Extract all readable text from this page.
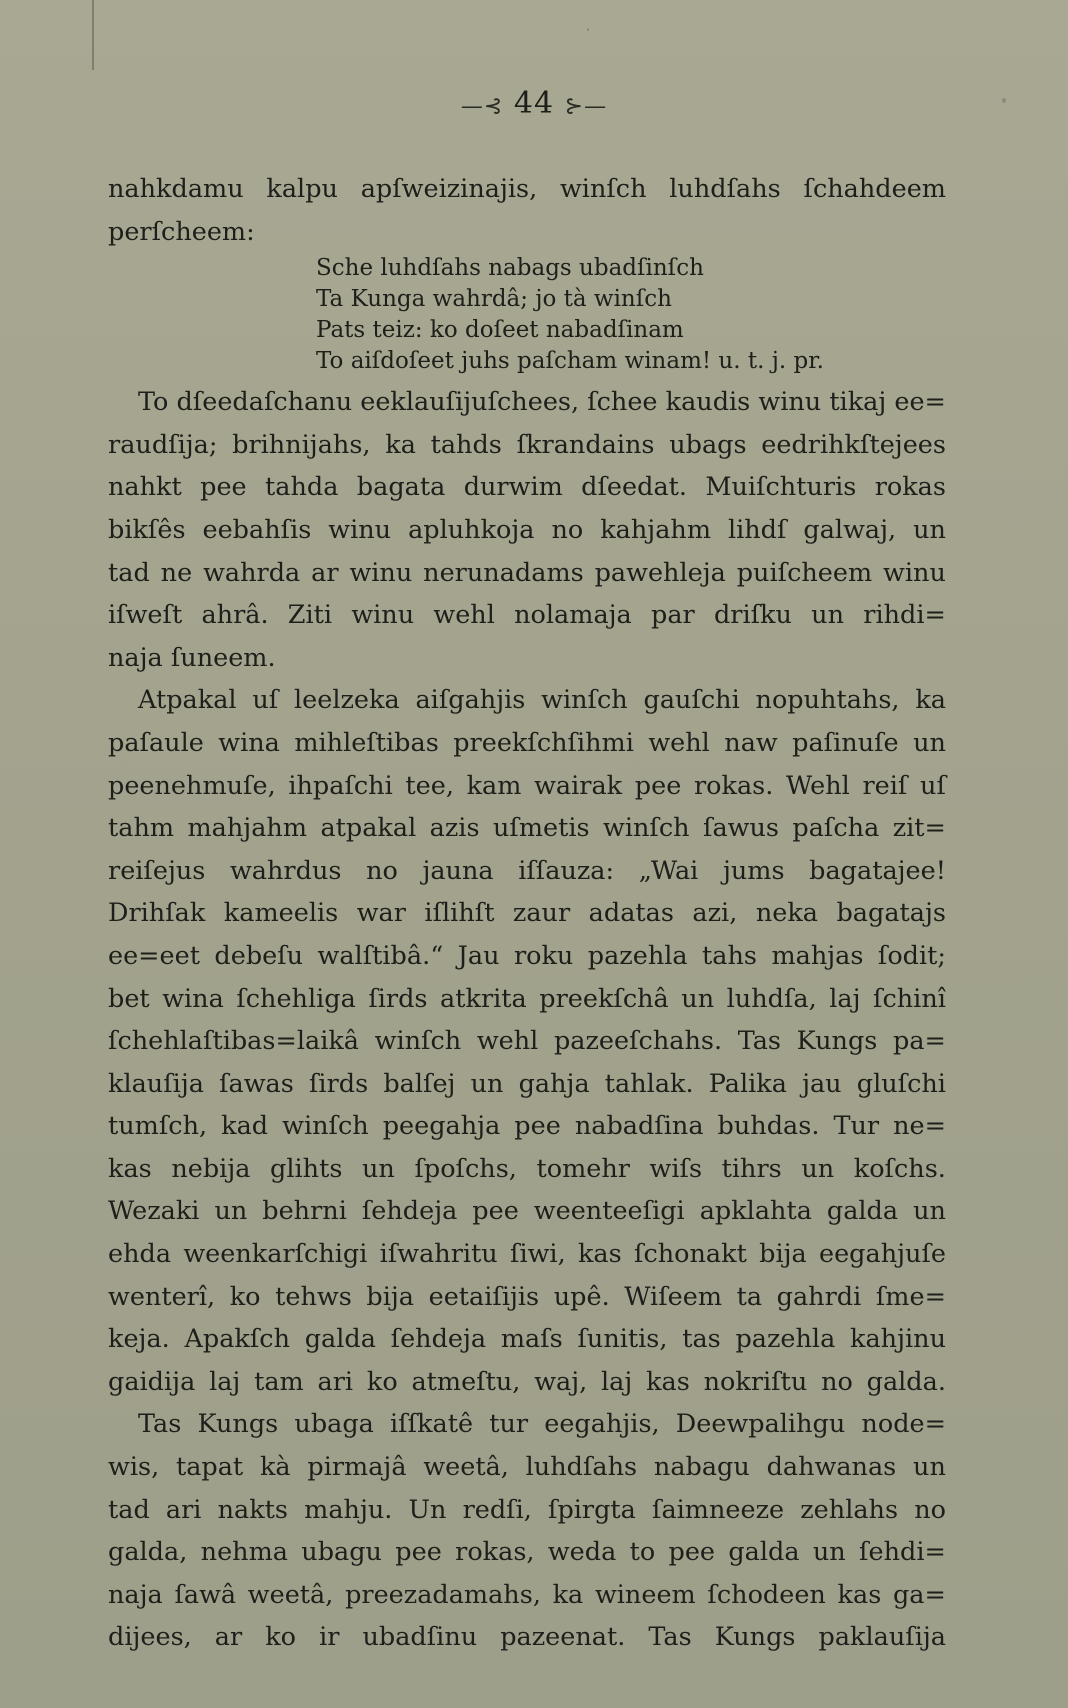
—⊰ 44 ⊱—
nahkdamu kalpu apſweizinajis, winſch luhdſahs ſchahdeem
perſcheem:
Sche luhdſahs nabags ubadſinſch
Ta Kunga wahrdâ; jo tà winſch
Pats teiz: ko doſeet nabadſinam
To aiſdoſeet juhs paſcham winam! u. t. j. pr.
To dſeedaſchanu eeklauſijuſchees, ſchee kaudis winu tikaj ee=
raudſija; brihnijahs, ka tahds ſkrandains ubags eedrihkſtejees
nahkt pee tahda bagata durwim dſeedat. Muiſchturis rokas
bikſês eebahſis winu apluhkoja no kahjahm lihdſ galwaj, un
tad ne wahrda ar winu nerunadams pawehleja puiſcheem winu
iſweſt ahrâ. Ziti winu wehl nolamaja par driſku un rihdi=
naja ſuneem.
Atpakal uſ leelzeka aiſgahjis winſch gauſchi nopuhtahs, ka
paſaule wina mihleſtibas preekſchſihmi wehl naw paſinuſe un
peenehmuſe, ihpaſchi tee, kam wairak pee rokas. Wehl reiſ uſ
tahm mahjahm atpakal azis uſmetis winſch ſawus paſcha zit=
reiſejus wahrdus no jauna iſſauza: „Wai jums bagatajee!
Drihſak kameelis war iſlihſt zaur adatas azi, neka bagatajs
ee=eet debeſu walſtibâ.“ Jau roku pazehla tahs mahjas ſodit;
bet wina ſchehliga ſirds atkrita preekſchâ un luhdſa, laj ſchinî
ſchehlaſtibas=laikâ winſch wehl pazeeſchahs. Tas Kungs pa=
klauſija ſawas ſirds balſej un gahja tahlak. Palika jau gluſchi
tumſch, kad winſch peegahja pee nabadſina buhdas. Tur ne=
kas nebija glihts un ſpoſchs, tomehr wiſs tihrs un koſchs.
Wezaki un behrni ſehdeja pee weenteeſigi apklahta galda un
ehda weenkarſchigi iſwahritu ſiwi, kas ſchonakt bija eegahjuſe
wenterî, ko tehws bija eetaiſijis upê. Wiſeem ta gahrdi ſme=
keja. Apakſch galda ſehdeja maſs ſunitis, tas pazehla kahjinu
gaidija laj tam ari ko atmeſtu, waj, laj kas nokriſtu no galda.
Tas Kungs ubaga iſſkatê tur eegahjis, Deewpalihgu node=
wis, tapat kà pirmajâ weetâ, luhdſahs nabagu dahwanas un
tad ari nakts mahju. Un redſi, ſpirgta ſaimneeze zehlahs no
galda, nehma ubagu pee rokas, weda to pee galda un ſehdi=
naja ſawâ weetâ, preezadamahs, ka wineem ſchodeen kas ga=
dijees, ar ko ir ubadſinu pazeenat. Tas Kungs paklauſija
